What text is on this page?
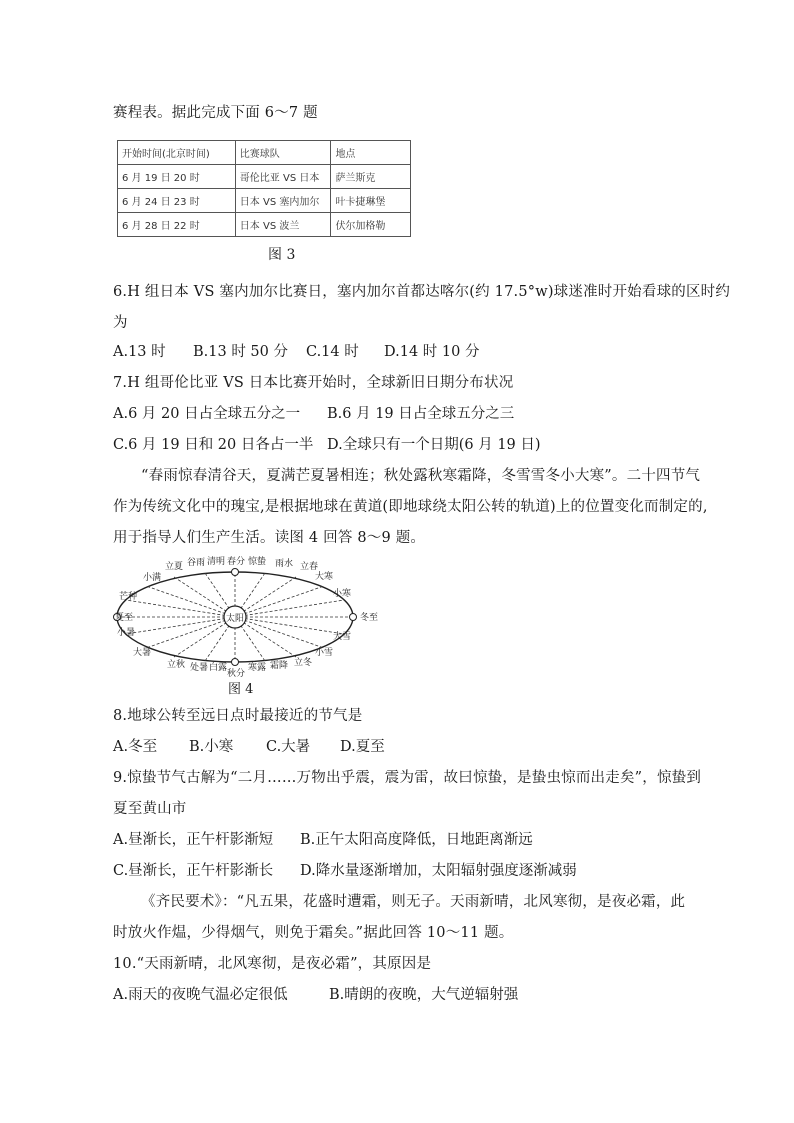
赛程表。据此完成下面 6～7 题
开始时间(北京时间)	比赛球队	地点
6 月 19 日 20 时	哥伦比亚 VS 日本	萨兰斯克
6 月 24 日 23 时	日本 VS 塞内加尔	叶卡捷琳堡
6 月 28 日 22 时	日本 VS 波兰	伏尔加格勒
图 3
6.H 组日本 VS 塞内加尔比赛日，塞内加尔首都达喀尔(约 17.5°w)球迷准时开始看球的区时约
为
A.13 时 B.13 时 50 分 C.14 时 D.14 时 10 分
7.H 组哥伦比亚 VS 日本比赛开始时，全球新旧日期分布状况
A.6 月 20 日占全球五分之一 B.6 月 19 日占全球五分之三
C.6 月 19 日和 20 日各占一半 D.全球只有一个日期(6 月 19 日)
“春雨惊春清谷天，夏满芒夏暑相连；秋处露秋寒霜降，冬雪雪冬小大寒”。二十四节气
作为传统文化中的瑰宝,是根据地球在黄道(即地球绕太阳公转的轨道)上的位置变化而制定的,
用于指导人们生产生活。读图 4 回答 8～9 题。
太阳
立夏 谷雨 清明 春分 惊蛰 雨水 立春
小满	大寒
小寒
芒种
夏至	冬至
小暑	大雪
大暑	小雪
立秋 处暑 白露
秋分
寒露 霜降 立冬
图 4
8.地球公转至远日点时最接近的节气是
A.冬至 B.小寒 C.大暑 D.夏至
9.惊蛰节气古解为“二月……万物出乎震，震为雷，故曰惊蛰，是蛰虫惊而出走矣”，惊蛰到
夏至黄山市
A.昼渐长，正午杆影渐短 B.正午太阳高度降低，日地距离渐远
C.昼渐长，正午杆影渐长 D.降水量逐渐增加，太阳辐射强度逐渐减弱
《齐民要术》：“凡五果，花盛时遭霜，则无子。天雨新晴，北风寒彻，是夜必霜，此
时放火作煴，少得烟气，则免于霜矣。”据此回答 10～11 题。
10.“天雨新晴，北风寒彻，是夜必霜”，其原因是
A.雨天的夜晚气温必定很低	B.晴朗的夜晚，大气逆辐射强
